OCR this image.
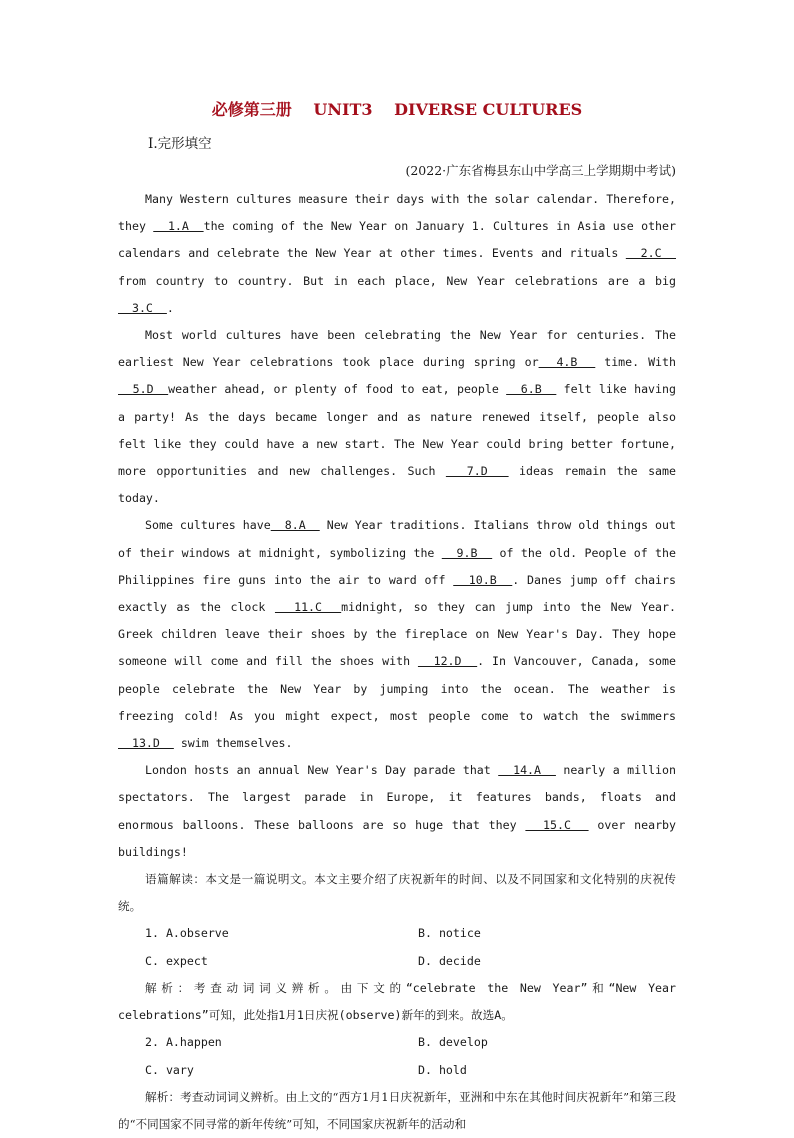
必修第三册 UNIT3 DIVERSE CULTURES
Ⅰ.完形填空
(2022·广东省梅县东山中学高三上学期期中考试)

Many Western cultures measure their days with the solar calendar. Therefore, they   1.A  the coming of the New Year on January 1. Cultures in Asia use other calendars and celebrate the New Year at other times. Events and rituals   2.C   from country to country. But in each place, New Year celebrations are a big   3.C  .

Most world cultures have been celebrating the New Year for centuries. The earliest New Year celebrations took place during spring or  4.B   time. With   5.D  weather ahead, or plenty of food to eat, people   6.B   felt like having a party! As the days became longer and as nature renewed itself, people also felt like they could have a new start. The New Year could bring better fortune, more opportunities and new challenges. Such   7.D   ideas remain the same today.

Some cultures have  8.A   New Year traditions. Italians throw old things out of their windows at midnight, symbolizing the   9.B   of the old. People of the Philippines fire guns into the air to ward off   10.B  . Danes jump off chairs exactly as the clock   11.C  midnight, so they can jump into the New Year. Greek children leave their shoes by the fireplace on New Year's Day. They hope someone will come and fill the shoes with   12.D  . In Vancouver, Canada, some people celebrate the New Year by jumping into the ocean. The weather is freezing cold! As you might expect, most people come to watch the swimmers   13.D   swim themselves.

London hosts an annual New Year's Day parade that   14.A   nearly a million spectators. The largest parade in Europe, it features bands, floats and enormous balloons. These balloons are so huge that they   15.C   over nearby buildings!

语篇解读：本文是一篇说明文。本文主要介绍了庆祝新年的时间、以及不同国家和文化特别的庆祝传统。

1. A.observe	B. notice
C. expect	D. decide

解析：考查动词词义辨析。由下文的“celebrate the New Year”和“New Year celebrations”可知，此处指1月1日庆祝(observe)新年的到来。故选A。

2. A.happen	B. develop
C. vary	D. hold

解析：考查动词词义辨析。由上文的“西方1月1日庆祝新年，亚洲和中东在其他时间庆祝新年”和第三段的“不同国家不同寻常的新年传统”可知，不同国家庆祝新年的活动和
